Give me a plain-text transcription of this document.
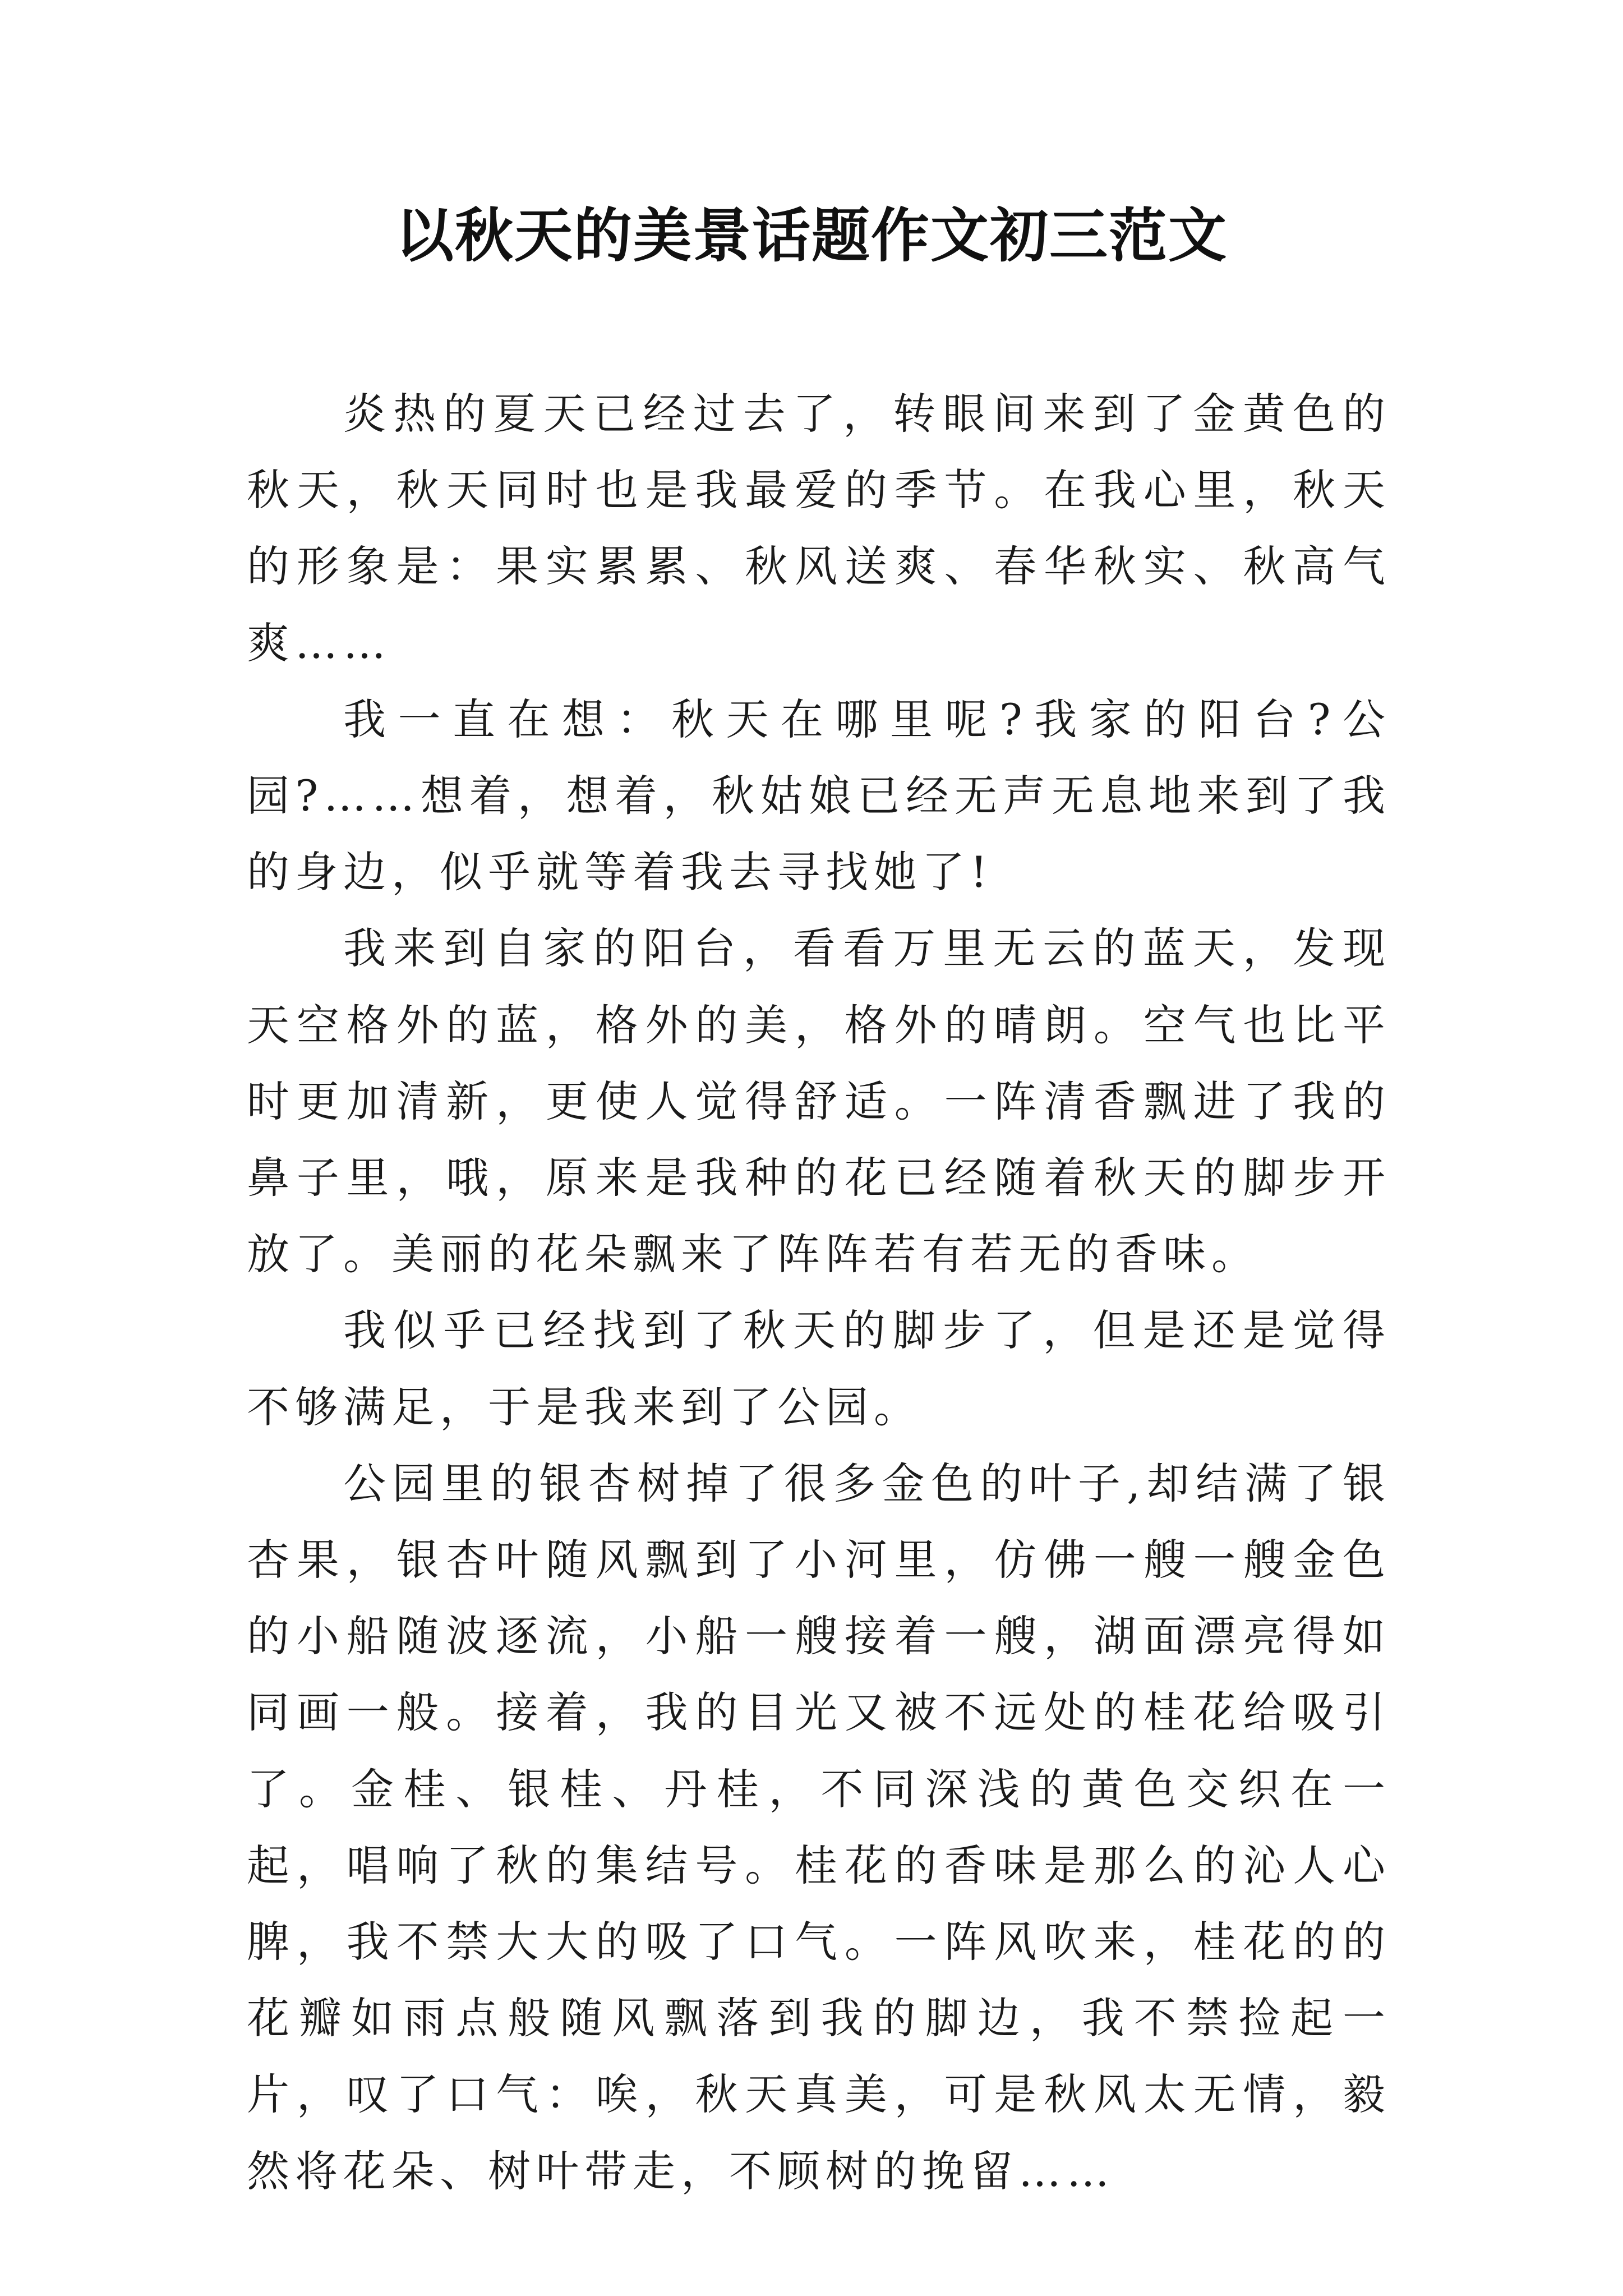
以秋天的美景话题作文初三范文

炎热的夏天已经过去了，转眼间来到了金黄色的秋天，秋天同时也是我最爱的季节。在我心里，秋天的形象是：果实累累、秋风送爽、春华秋实、秋高气爽……

我一直在想：秋天在哪里呢?我家的阳台?公园?……想着，想着，秋姑娘已经无声无息地来到了我的身边，似乎就等着我去寻找她了!

我来到自家的阳台，看看万里无云的蓝天，发现天空格外的蓝，格外的美，格外的晴朗。空气也比平时更加清新，更使人觉得舒适。一阵清香飘进了我的鼻子里，哦，原来是我种的花已经随着秋天的脚步开放了。美丽的花朵飘来了阵阵若有若无的香味。

我似乎已经找到了秋天的脚步了，但是还是觉得不够满足，于是我来到了公园。

公园里的银杏树掉了很多金色的叶子,却结满了银杏果，银杏叶随风飘到了小河里，仿佛一艘一艘金色的小船随波逐流，小船一艘接着一艘，湖面漂亮得如同画一般。接着，我的目光又被不远处的桂花给吸引了。金桂、银桂、丹桂，不同深浅的黄色交织在一起，唱响了秋的集结号。桂花的香味是那么的沁人心脾，我不禁大大的吸了口气。一阵风吹来，桂花的的花瓣如雨点般随风飘落到我的脚边，我不禁捡起一片，叹了口气：唉，秋天真美，可是秋风太无情，毅然将花朵、树叶带走，不顾树的挽留……
